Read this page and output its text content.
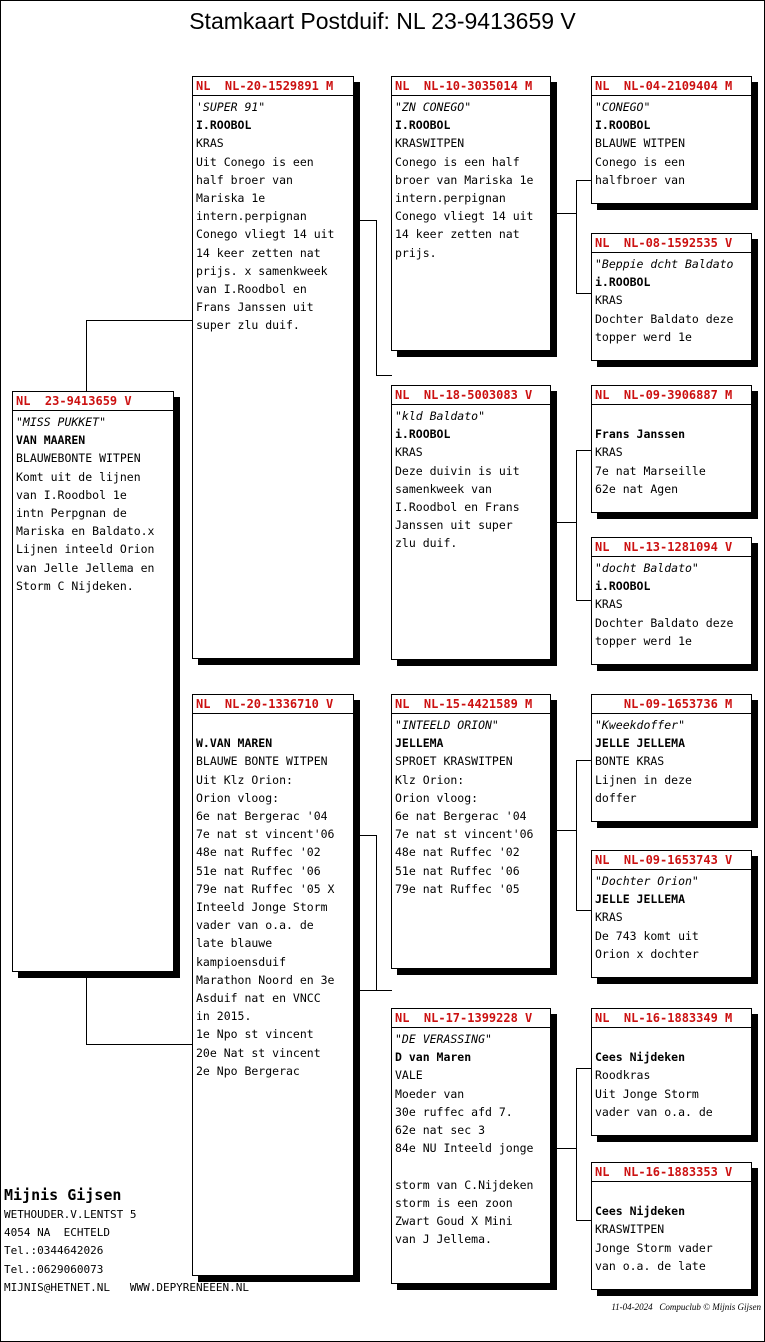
Stamkaart Postduif: NL 23-9413659 V
NL  23-9413659 V
"MISS PUKKET"
VAN MAAREN
BLAUWEBONTE WITPEN
Komt uit de lijnen
van I.Roodbol 1e
intn Perpgnan de
Mariska en Baldato.x
Lijnen inteeld Orion
van Jelle Jellema en
Storm C Nijdeken.
NL  NL-20-1529891 M
'SUPER 91"
I.ROOBOL
KRAS
Uit Conego is een
half broer van
Mariska 1e
intern.perpignan
Conego vliegt 14 uit
14 keer zetten nat
prijs. x samenkweek
van I.Roodbol en
Frans Janssen uit
super zlu duif.
NL  NL-20-1336710 V
W.VAN MAREN
BLAUWE BONTE WITPEN
Uit Klz Orion:
Orion vloog:
6e nat Bergerac '04
7e nat st vincent'06
48e nat Ruffec '02
51e nat Ruffec '06
79e nat Ruffec '05 X
Inteeld Jonge Storm
vader van o.a. de
late blauwe
kampioensduif
Marathon Noord en 3e
Asduif nat en VNCC
in 2015.
1e Npo st vincent
20e Nat st vincent
2e Npo Bergerac
NL  NL-10-3035014 M
"ZN CONEGO"
I.ROOBOL
KRASWITPEN
Conego is een half
broer van Mariska 1e
intern.perpignan
Conego vliegt 14 uit
14 keer zetten nat
prijs.
NL  NL-18-5003083 V
"kld Baldato"
i.ROOBOL
KRAS
Deze duivin is uit
samenkweek van
I.Roodbol en Frans
Janssen uit super
zlu duif.
NL  NL-15-4421589 M
"INTEELD ORION"
JELLEMA
SPROET KRASWITPEN
Klz Orion:
Orion vloog:
6e nat Bergerac '04
7e nat st vincent'06
48e nat Ruffec '02
51e nat Ruffec '06
79e nat Ruffec '05
NL  NL-17-1399228 V
"DE VERASSING"
D van Maren
VALE
Moeder van
30e ruffec afd 7.
62e nat sec 3
84e NU Inteeld jonge
storm van C.Nijdeken
storm is een zoon
Zwart Goud X Mini
van J Jellema.
NL  NL-04-2109404 M
"CONEGO"
I.ROOBOL
BLAUWE WITPEN
Conego is een
halfbroer van
NL  NL-08-1592535 V
"Beppie dcht Baldato
i.ROOBOL
KRAS
Dochter Baldato deze
topper werd 1e
NL  NL-09-3906887 M
Frans Janssen
KRAS
7e nat Marseille
62e nat Agen
NL  NL-13-1281094 V
"docht Baldato"
i.ROOBOL
KRAS
Dochter Baldato deze
topper werd 1e
NL-09-1653736 M
"Kweekdoffer"
JELLE JELLEMA
BONTE KRAS
Lijnen in deze
doffer
NL  NL-09-1653743 V
"Dochter Orion"
JELLE JELLEMA
KRAS
De 743 komt uit
Orion x dochter
NL  NL-16-1883349 M
Cees Nijdeken
Roodkras
Uit Jonge Storm
vader van o.a. de
NL  NL-16-1883353 V
Cees Nijdeken
KRASWITPEN
Jonge Storm vader
van o.a. de late
Mijnis Gijsen
WETHOUDER.V.LENTST 5
4054 NA  ECHTELD
Tel.:0344642026
Tel.:0629060073
MIJNIS@HETNET.NL   WWW.DEPYRENEEEN.NL
11-04-2024   Compuclub © Mijnis Gijsen
